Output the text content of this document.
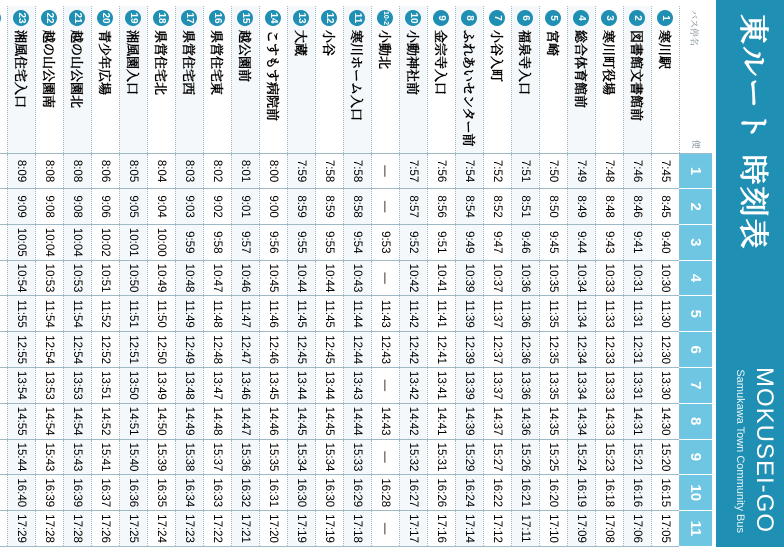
東ルート 時刻表
MOKUSEI-GO
Samukawa Town Community Bus
バス停名
便	1	2	3	4	5	6	7	8	9	10	11
1寒川駅	7:45	8:45	9:40	10:30	11:30	12:30	13:30	14:30	15:20	16:15	17:05
2図書館文書館前	7:46	8:46	9:41	10:31	11:31	12:31	13:31	14:31	15:21	16:16	17:06
3寒川町役場	7:48	8:48	9:43	10:33	11:33	12:33	13:33	14:33	15:23	16:18	17:08
4総合体育館前	7:49	8:49	9:44	10:34	11:34	12:34	13:34	14:34	15:24	16:19	17:09
5宮崎	7:50	8:50	9:45	10:35	11:35	12:35	13:35	14:35	15:25	16:20	17:10
6福泉寺入口	7:51	8:51	9:46	10:36	11:36	12:36	13:36	14:36	15:26	16:21	17:11
7小谷入町	7:52	8:52	9:47	10:37	11:37	12:37	13:37	14:37	15:27	16:22	17:12
8ふれあいセンター前	7:54	8:54	9:49	10:39	11:39	12:39	13:39	14:39	15:29	16:24	17:14
9金宗寺入口	7:56	8:56	9:51	10:41	11:41	12:41	13:41	14:41	15:31	16:26	17:16
10小動神社前	7:57	8:57	9:52	10:42	11:42	12:42	13:42	14:42	15:32	16:27	17:17
10-2小動北	—	—	9:53	—	11:43	12:43	—	14:43	—	16:28	—
11寒川ホーム入口	7:58	8:58	9:54	10:43	11:44	12:44	13:43	14:44	15:33	16:29	17:18
12小谷	7:58	8:59	9:55	10:44	11:45	12:45	13:44	14:45	15:34	16:30	17:19
13大蔵	7:59	8:59	9:55	10:44	11:45	12:45	13:44	14:45	15:34	16:30	17:19
14こすもす病院前	8:00	9:00	9:56	10:45	11:46	12:46	13:45	14:46	15:35	16:31	17:20
15越公園前	8:01	9:01	9:57	10:46	11:47	12:47	13:46	14:47	15:36	16:32	17:21
16県営住宅東	8:02	9:02	9:58	10:47	11:48	12:48	13:47	14:48	15:37	16:33	17:22
17県営住宅西	8:03	9:03	9:59	10:48	11:49	12:49	13:48	14:49	15:38	16:34	17:23
18県営住宅北	8:04	9:04	10:00	10:49	11:50	12:50	13:49	14:50	15:39	16:35	17:24
19湘風園入口	8:05	9:05	10:01	10:50	11:51	12:51	13:50	14:51	15:40	16:36	17:25
20青少年広場	8:06	9:06	10:02	10:51	11:52	12:52	13:51	14:52	15:41	16:37	17:26
21越の山公園北	8:08	9:08	10:04	10:53	11:54	12:54	13:53	14:54	15:43	16:39	17:28
22越の山公園南	8:08	9:08	10:04	10:53	11:54	12:54	13:53	14:54	15:43	16:39	17:28
23湘風住宅入口	8:09	9:09	10:05	10:54	11:55	12:55	13:54	14:55	15:44	16:40	17:29
